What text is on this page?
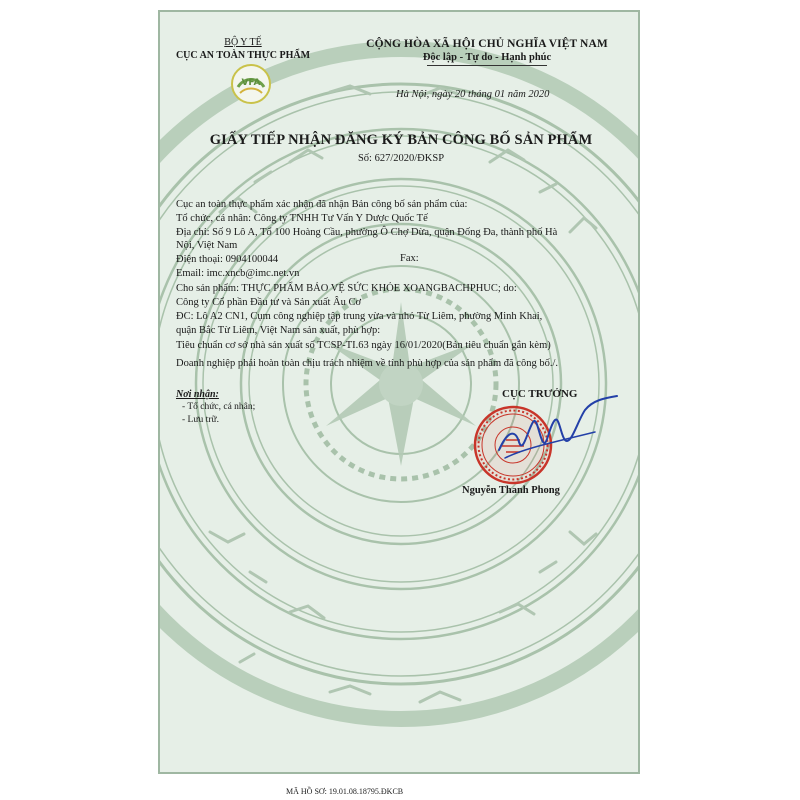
BỘ Y TẾ
CỤC AN TOÀN THỰC PHẨM
VFA
CỘNG HÒA XÃ HỘI CHỦ NGHĨA VIỆT NAM
Độc lập - Tự do - Hạnh phúc
Hà Nội, ngày 20 tháng 01 năm 2020
GIẤY TIẾP NHẬN ĐĂNG KÝ BẢN CÔNG BỐ SẢN PHẨM
Số: 627/2020/ĐKSP
Cục an toàn thực phẩm xác nhận đã nhận Bản công bố sản phẩm của:
Tổ chức, cá nhân: Công ty TNHH Tư Vấn Y Dược Quốc Tế
Địa chỉ: Số 9 Lô A, Tổ 100 Hoàng Cầu, phường Ô Chợ Dừa, quận Đống Đa, thành phố Hà
Nội, Việt Nam
Điện thoại: 0904100044	Fax:
Email: imc.xncb@imc.net.vn
Cho sản phẩm: THỰC PHẨM BẢO VỆ SỨC KHỎE XOANGBACHPHUC; do:
Công ty Cổ phần Đầu tư và Sản xuất Âu Cơ
ĐC: Lô A2 CN1, Cụm công nghiệp tập trung vừa và nhỏ Từ Liêm, phường Minh Khai,
quận Bắc Từ Liêm, Việt Nam sản xuất, phù hợp:
Tiêu chuẩn cơ sở nhà sản xuất số TCSP-TI.63 ngày 16/01/2020(Bản tiêu chuẩn gắn kèm)
Doanh nghiệp phải hoàn toàn chịu trách nhiệm về tính phù hợp của sản phẩm đã công bố./.
Nơi nhận:
- Tổ chức, cá nhân;
- Lưu trữ.
CỤC TRƯỞNG
Nguyễn Thanh Phong
MÃ HỒ SƠ: 19.01.08.18795.ĐKCB
